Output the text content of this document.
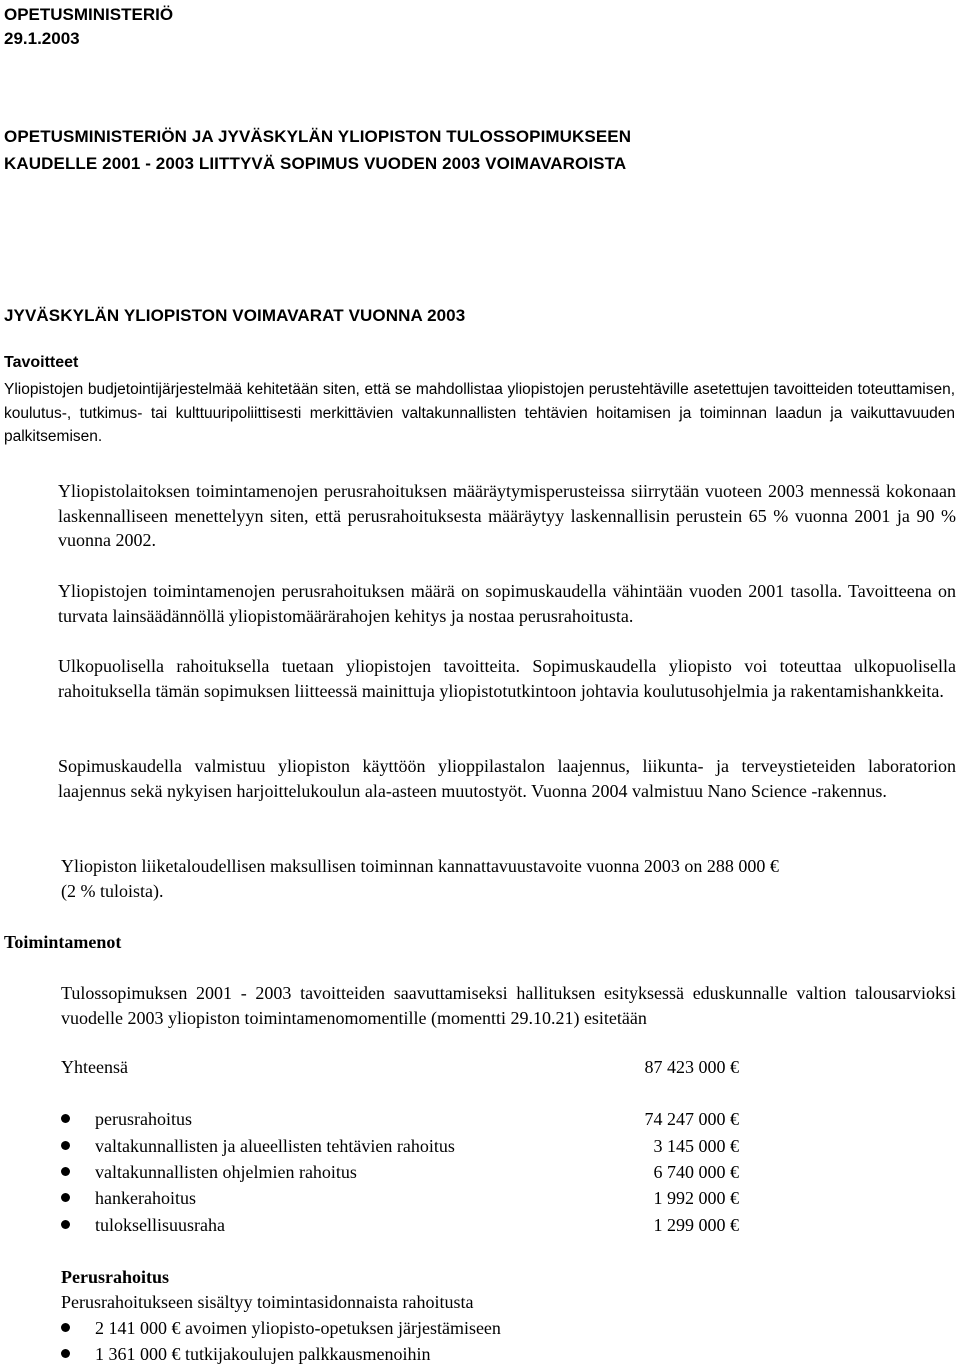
OPETUSMINISTERIÖ
29.1.2003
OPETUSMINISTERIÖN JA JYVÄSKYLÄN YLIOPISTON TULOSSOPIMUKSEEN
KAUDELLE 2001 - 2003 LIITTYVÄ SOPIMUS VUODEN 2003 VOIMAVAROISTA
JYVÄSKYLÄN YLIOPISTON VOIMAVARAT VUONNA 2003
Tavoitteet
Yliopistojen budjetointijärjestelmää kehitetään siten, että se mahdollistaa yliopistojen perustehtäville asetettujen tavoitteiden toteuttamisen, koulutus-, tutkimus- tai kulttuuripoliittisesti merkittävien valtakunnallisten tehtävien hoitamisen ja toiminnan laadun ja vaikuttavuuden palkitsemisen.
Yliopistolaitoksen toimintamenojen perusrahoituksen määräytymisperusteissa siirrytään vuoteen 2003 mennessä kokonaan laskennalliseen menettelyyn siten, että perusrahoituksesta määräytyy laskennallisin perustein 65 % vuonna 2001 ja 90 % vuonna 2002.
Yliopistojen toimintamenojen perusrahoituksen määrä on sopimuskaudella vähintään vuoden 2001 tasolla. Tavoitteena on turvata lainsäädännöllä yliopistomäärärahojen kehitys ja nostaa perusrahoitusta.
Ulkopuolisella rahoituksella tuetaan yliopistojen tavoitteita. Sopimuskaudella yliopisto voi toteuttaa ulkopuolisella rahoituksella tämän sopimuksen liitteessä mainittuja yliopistotutkintoon johtavia koulutusohjelmia ja rakentamishankkeita.
Sopimuskaudella valmistuu yliopiston käyttöön ylioppilastalon laajennus, liikunta- ja terveystieteiden laboratorion laajennus sekä nykyisen harjoittelukoulun ala-asteen muutostyöt. Vuonna 2004 valmistuu Nano Science -rakennus.
Yliopiston liiketaloudellisen maksullisen toiminnan kannattavuustavoite vuonna 2003 on 288 000 €
(2 % tuloista).
Toimintamenot
Tulossopimuksen 2001 - 2003 tavoitteiden saavuttamiseksi hallituksen esityksessä eduskunnalle valtion talousarvioksi vuodelle 2003 yliopiston toimintamenomomentille (momentti 29.10.21) esitetään
Yhteensä	87 423 000 €
perusrahoitus	74 247 000 €
valtakunnallisten ja alueellisten tehtävien rahoitus	3 145 000 €
valtakunnallisten ohjelmien rahoitus	6 740 000 €
hankerahoitus	1 992 000 €
tuloksellisuusraha	1 299 000 €
Perusrahoitus
Perusrahoitukseen sisältyy toimintasidonnaista rahoitusta
2 141 000 € avoimen yliopisto-opetuksen järjestämiseen
1 361 000 € tutkijakoulujen palkkausmenoihin
